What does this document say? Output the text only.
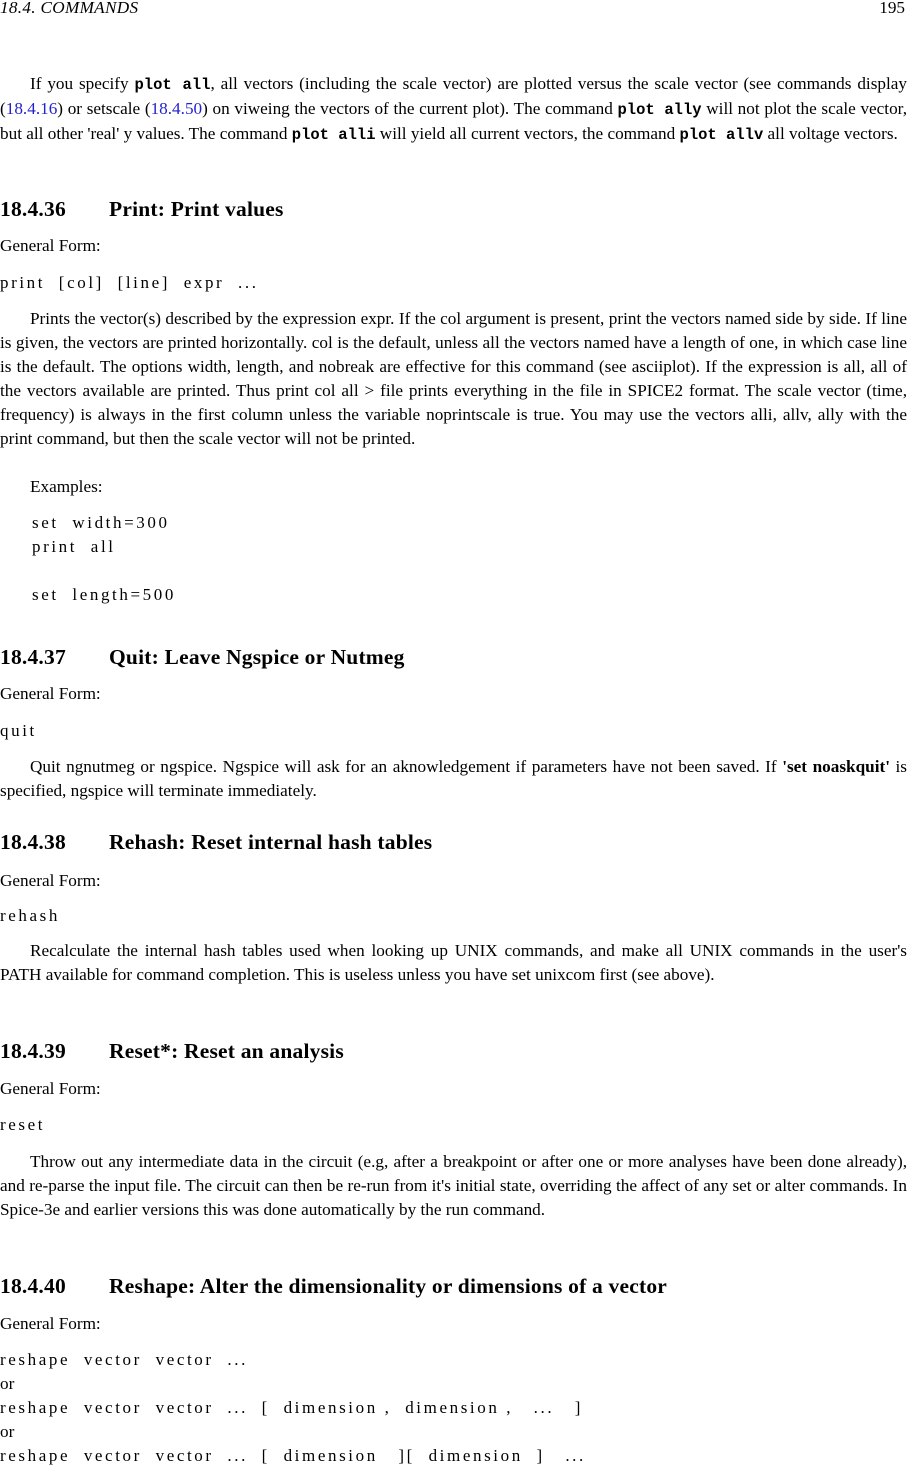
18.4. COMMANDS	195

If you specify plot all, all vectors (including the scale vector) are plotted versus the scale vector (see commands display (18.4.16) or setscale (18.4.50) on viweing the vectors of the current plot). The command plot ally will not plot the scale vector, but all other 'real' y values. The command plot alli will yield all current vectors, the command plot allv all voltage vectors.

18.4.36 Print: Print values
General Form:
print  [col]  [line]  expr  ...

Prints the vector(s) described by the expression expr. If the col argument is present, print the vectors named side by side. If line is given, the vectors are printed horizontally. col is the default, unless all the vectors named have a length of one, in which case line is the default. The options width, length, and nobreak are effective for this command (see asciiplot). If the expression is all, all of the vectors available are printed. Thus print col all > file prints everything in the file in SPICE2 format. The scale vector (time, frequency) is always in the first column unless the variable noprintscale is true. You may use the vectors alli, allv, ally with the print command, but then the scale vector will not be printed.

Examples:
set  width=300
print  all
set  length=500
18.4.37 Quit: Leave Ngspice or Nutmeg
General Form:
quit

Quit ngnutmeg or ngspice. Ngspice will ask for an aknowledgement if parameters have not been saved. If 'set noaskquit' is specified, ngspice will terminate immediately.

18.4.38 Rehash: Reset internal hash tables
General Form:
rehash

Recalculate the internal hash tables used when looking up UNIX commands, and make all UNIX commands in the user's PATH available for command completion. This is useless unless you have set unixcom first (see above).

18.4.39 Reset*: Reset an analysis
General Form:
reset

Throw out any intermediate data in the circuit (e.g, after a breakpoint or after one or more analyses have been done already), and re-parse the input file. The circuit can then be re-run from it's initial state, overriding the affect of any set or alter commands. In Spice-3e and earlier versions this was done automatically by the run command.

18.4.40 Reshape: Alter the dimensionality or dimensions of a vector
General Form:
reshape  vector  vector  ...
or
reshape  vector  vector  ...  [  dimension ,  dimension ,   ...   ]
or
reshape  vector  vector  ...  [  dimension   ][  dimension  ]   ...
